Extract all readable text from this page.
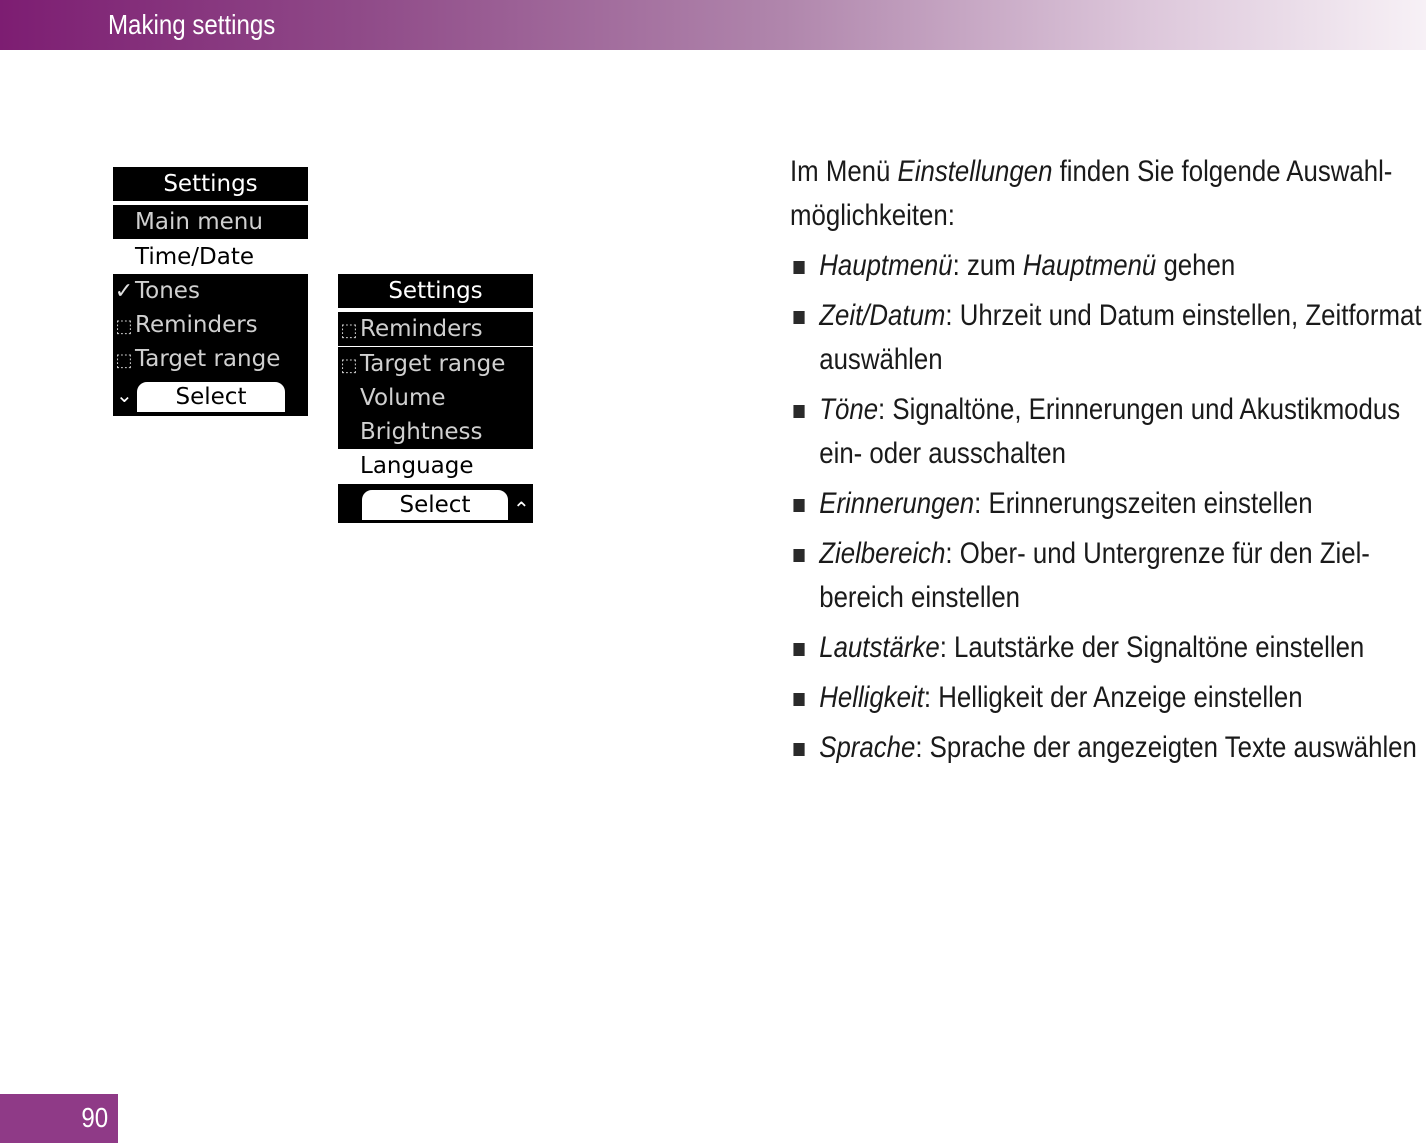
Making settings
Settings
Main menu
Time/Date
✓Tones
⬚ Reminders
⬚ Target range
⌄	Select
Settings
⬚ Reminders
⬚ Target range
Volume
Brightness
Language
Select	⌃

Im Menü Einstellungen finden Sie folgende Auswahl-möglichkeiten:

Hauptmenü: zum Hauptmenü gehen
Zeit/Datum: Uhrzeit und Datum einstellen, Zeitformat auswählen
Töne: Signaltöne, Erinnerungen und Akustikmodus ein- oder ausschalten
Erinnerungen: Erinnerungszeiten einstellen
Zielbereich: Ober- und Untergrenze für den Ziel-bereich einstellen
Lautstärke: Lautstärke der Signaltöne einstellen
Helligkeit: Helligkeit der Anzeige einstellen
Sprache: Sprache der angezeigten Texte auswählen
90
